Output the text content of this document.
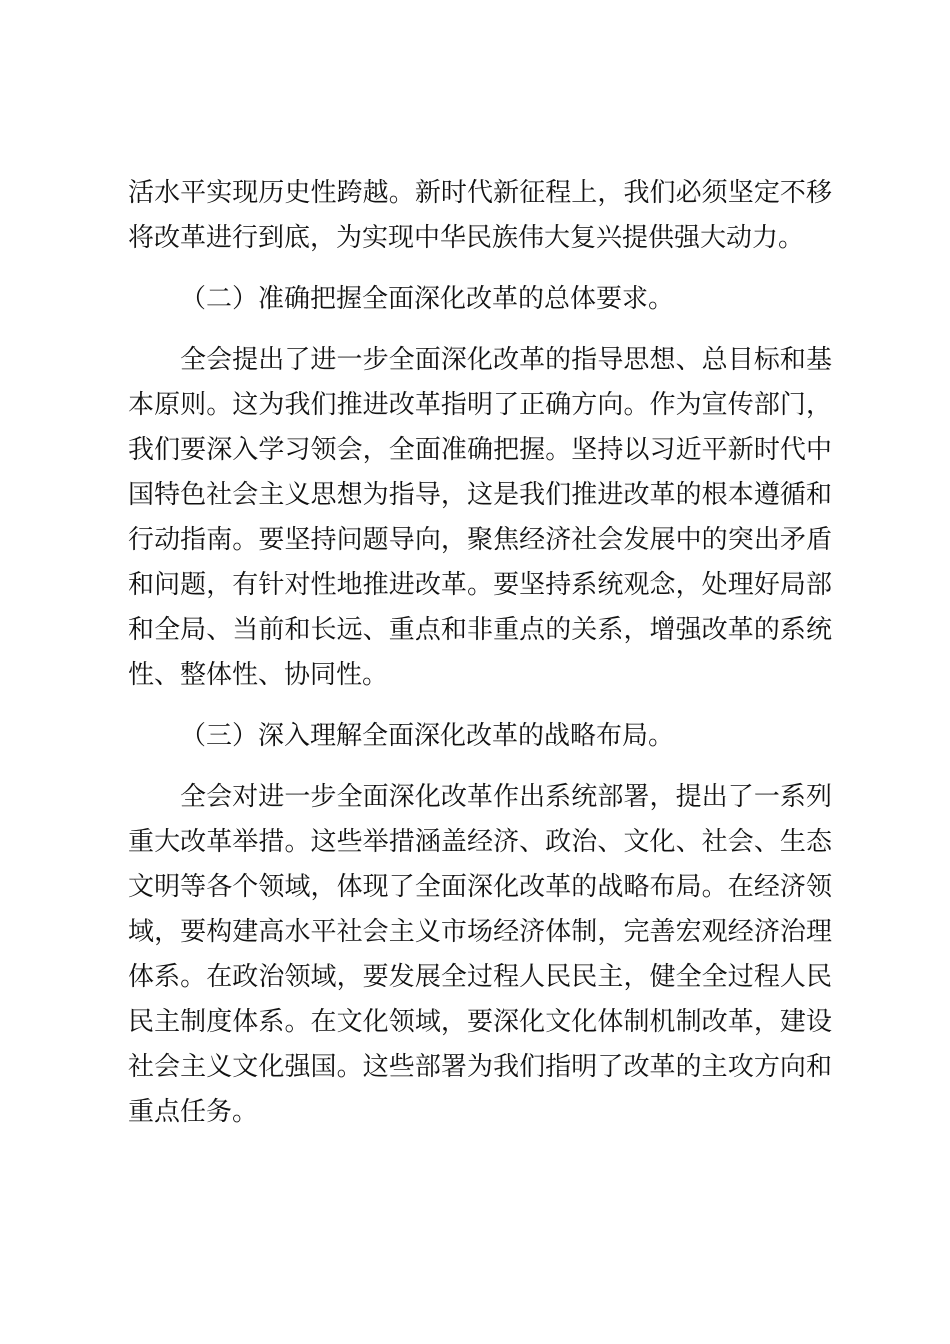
活水平实现历史性跨越。新时代新征程上，我们必须坚定不移将改革进行到底，为实现中华民族伟大复兴提供强大动力。

（二）准确把握全面深化改革的总体要求。

全会提出了进一步全面深化改革的指导思想、总目标和基本原则。这为我们推进改革指明了正确方向。作为宣传部门，我们要深入学习领会，全面准确把握。坚持以习近平新时代中国特色社会主义思想为指导，这是我们推进改革的根本遵循和行动指南。要坚持问题导向，聚焦经济社会发展中的突出矛盾和问题，有针对性地推进改革。要坚持系统观念，处理好局部和全局、当前和长远、重点和非重点的关系，增强改革的系统性、整体性、协同性。

（三）深入理解全面深化改革的战略布局。

全会对进一步全面深化改革作出系统部署，提出了一系列重大改革举措。这些举措涵盖经济、政治、文化、社会、生态文明等各个领域，体现了全面深化改革的战略布局。在经济领域，要构建高水平社会主义市场经济体制，完善宏观经济治理体系。在政治领域，要发展全过程人民民主，健全全过程人民民主制度体系。在文化领域，要深化文化体制机制改革，建设社会主义文化强国。这些部署为我们指明了改革的主攻方向和重点任务。
